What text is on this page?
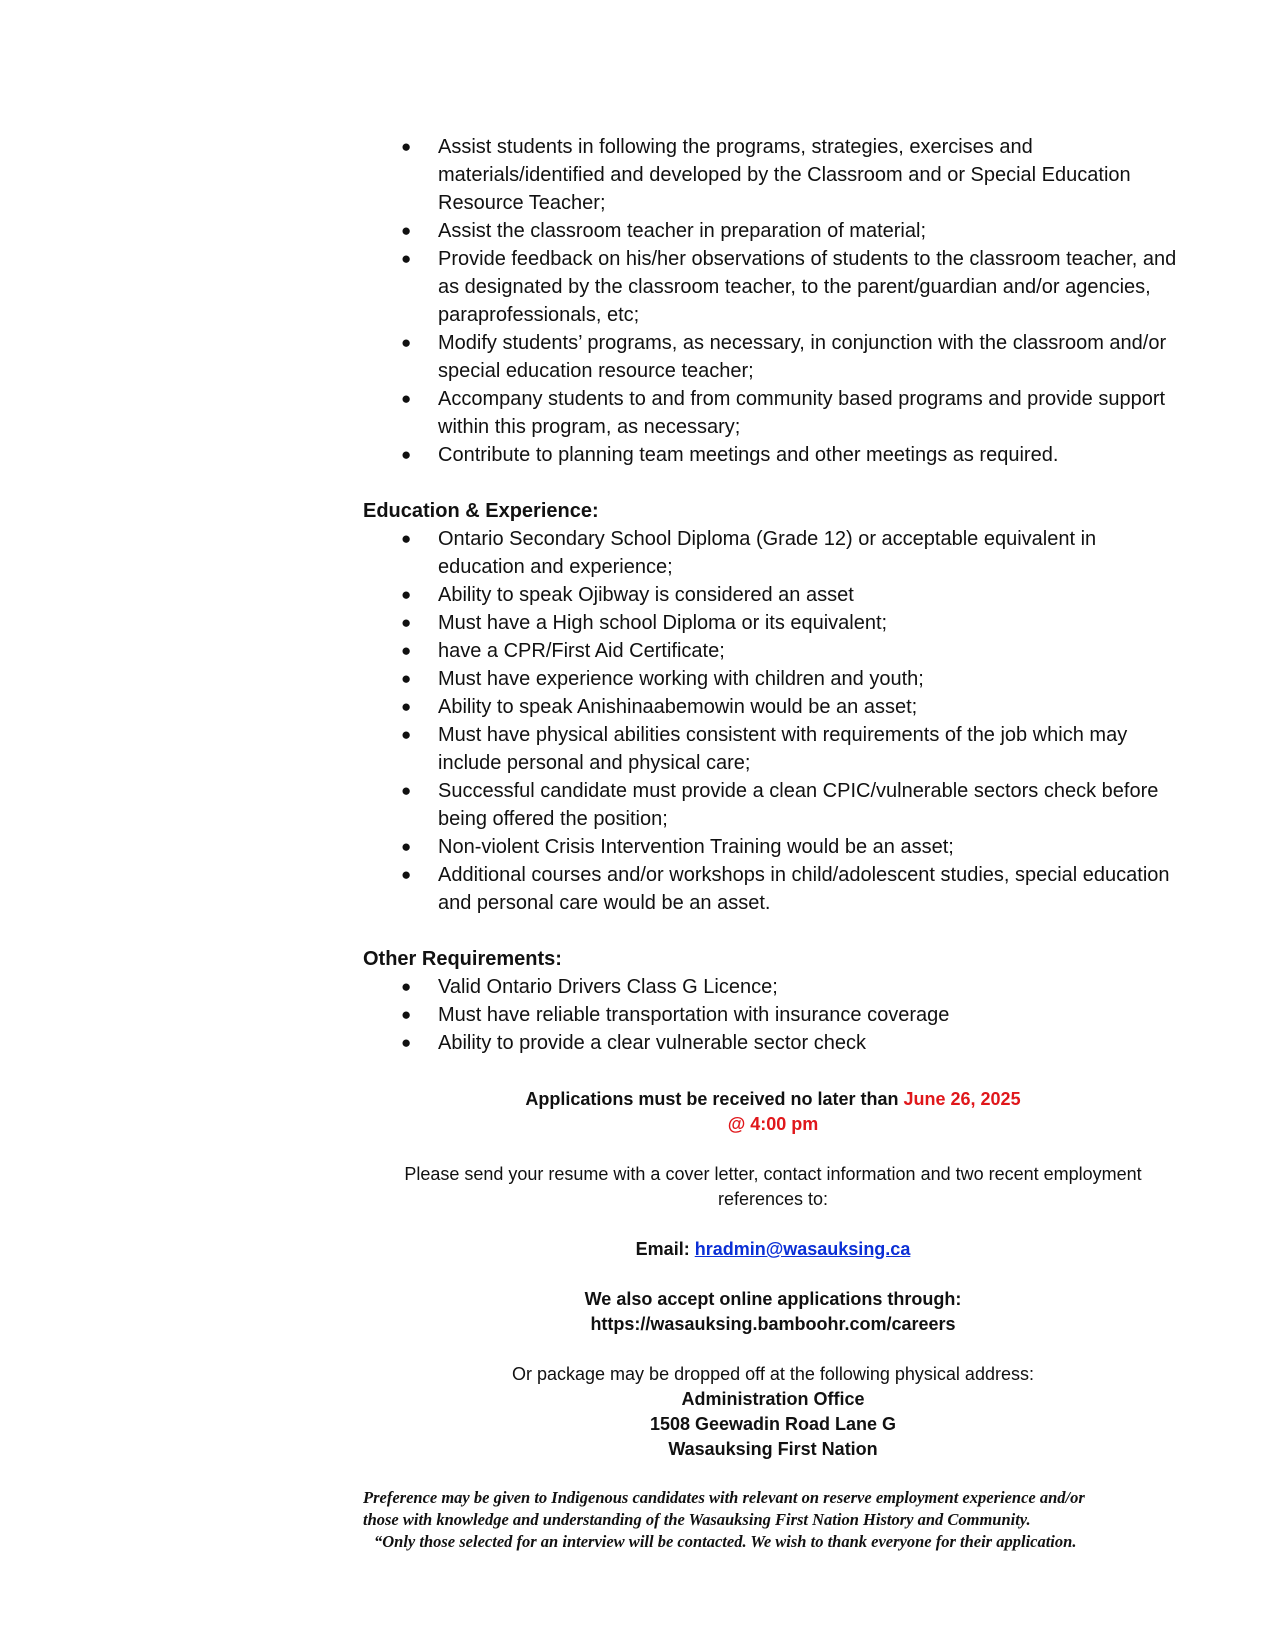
● Assist students in following the programs, strategies, exercises and materials/identified and developed by the Classroom and or Special Education Resource Teacher;
● Assist the classroom teacher in preparation of material;
● Provide feedback on his/her observations of students to the classroom teacher, and as designated by the classroom teacher, to the parent/guardian and/or agencies, paraprofessionals, etc;
● Modify students’ programs, as necessary, in conjunction with the classroom and/or special education resource teacher;
● Accompany students to and from community based programs and provide support within this program, as necessary;
● Contribute to planning team meetings and other meetings as required.
Education & Experience:
● Ontario Secondary School Diploma (Grade 12) or acceptable equivalent in education and experience;
● Ability to speak Ojibway is considered an asset
● Must have a High school Diploma or its equivalent;
● have a CPR/First Aid Certificate;
● Must have experience working with children and youth;
● Ability to speak Anishinaabemowin would be an asset;
● Must have physical abilities consistent with requirements of the job which may include personal and physical care;
● Successful candidate must provide a clean CPIC/vulnerable sectors check before being offered the position;
● Non-violent Crisis Intervention Training would be an asset;
● Additional courses and/or workshops in child/adolescent studies, special education and personal care would be an asset.
Other Requirements:
● Valid Ontario Drivers Class G Licence;
● Must have reliable transportation with insurance coverage
● Ability to provide a clear vulnerable sector check
Applications must be received no later than June 26, 2025
@ 4:00 pm
Please send your resume with a cover letter, contact information and two recent employment references to:
Email: hradmin@wasauksing.ca
We also accept online applications through:
https://wasauksing.bamboohr.com/careers
Or package may be dropped off at the following physical address:
Administration Office
1508 Geewadin Road Lane G
Wasauksing First Nation
Preference may be given to Indigenous candidates with relevant on reserve employment experience and/or
those with knowledge and understanding of the Wasauksing First Nation History and Community.
“Only those selected for an interview will be contacted. We wish to thank everyone for their application.
